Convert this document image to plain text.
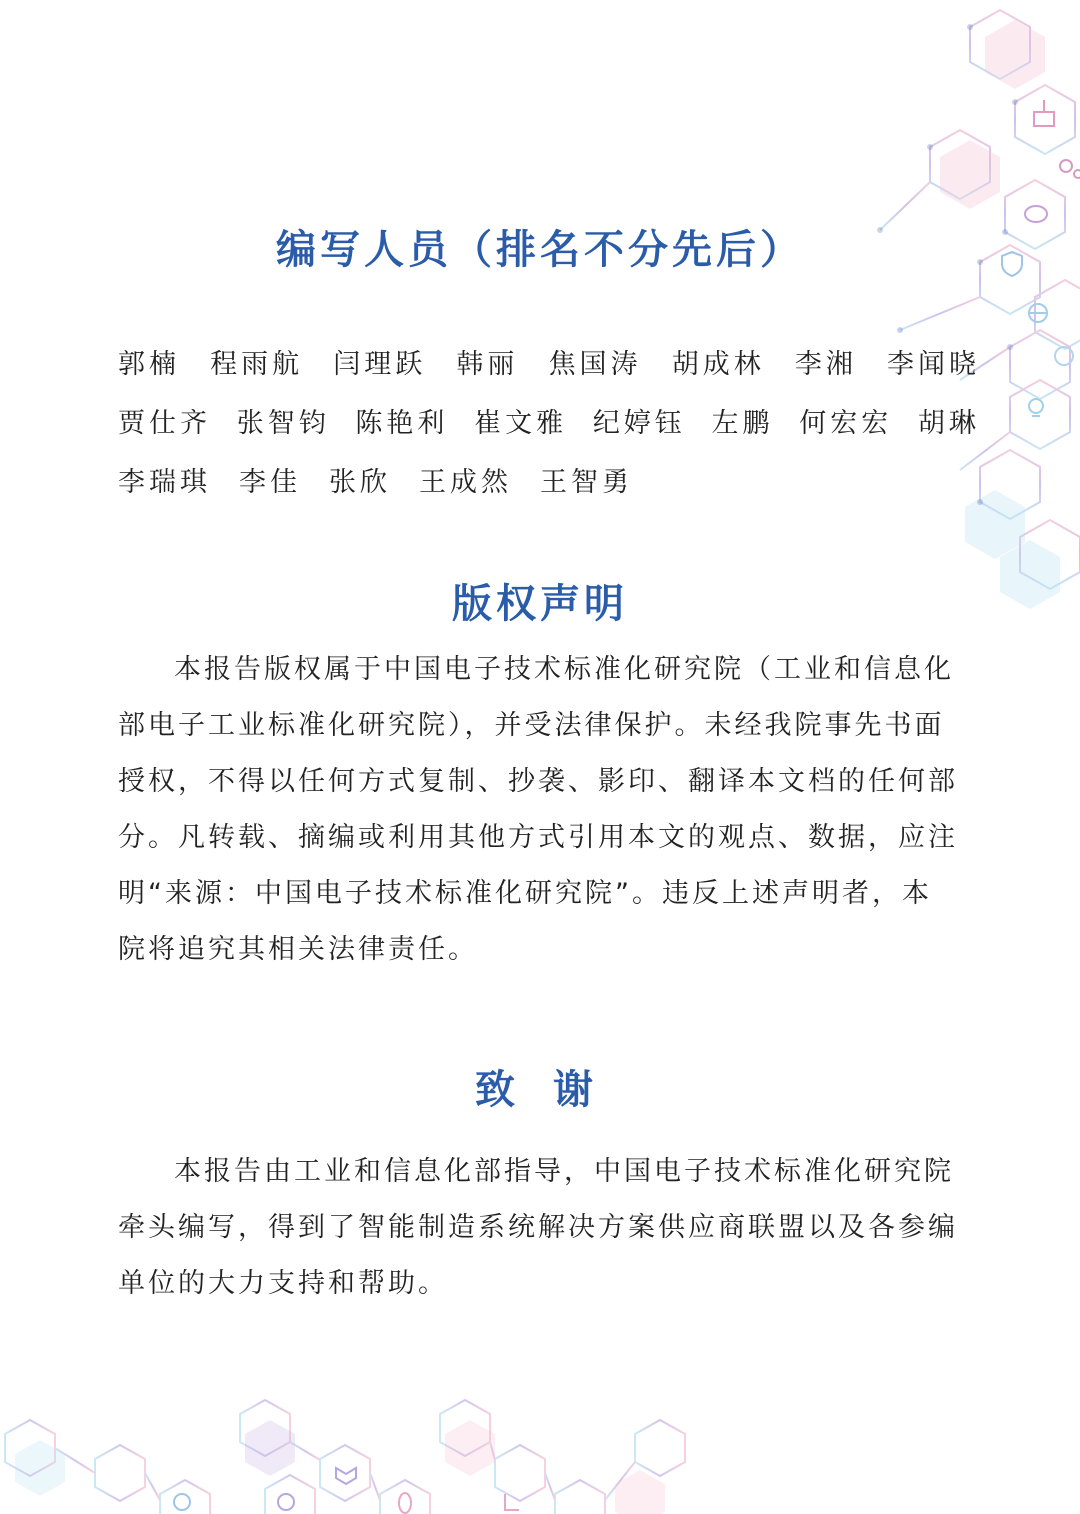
编写人员（排名不分先后）
郭楠 程雨航 闫理跃 韩丽 焦国涛 胡成林 李湘 李闻晓
贾仕齐 张智钧 陈艳利 崔文雅 纪婷钰 左鹏 何宏宏 胡琳
李瑞琪 李佳 张欣 王成然 王智勇
版权声明
本报告版权属于中国电子技术标准化研究院（工业和信息化
部电子工业标准化研究院），并受法律保护。未经我院事先书面
授权，不得以任何方式复制、抄袭、影印、翻译本文档的任何部
分。凡转载、摘编或利用其他方式引用本文的观点、数据，应注
明“来源：中国电子技术标准化研究院”。违反上述声明者，本
院将追究其相关法律责任。
致 谢
本报告由工业和信息化部指导，中国电子技术标准化研究院
牵头编写，得到了智能制造系统解决方案供应商联盟以及各参编
单位的大力支持和帮助。
